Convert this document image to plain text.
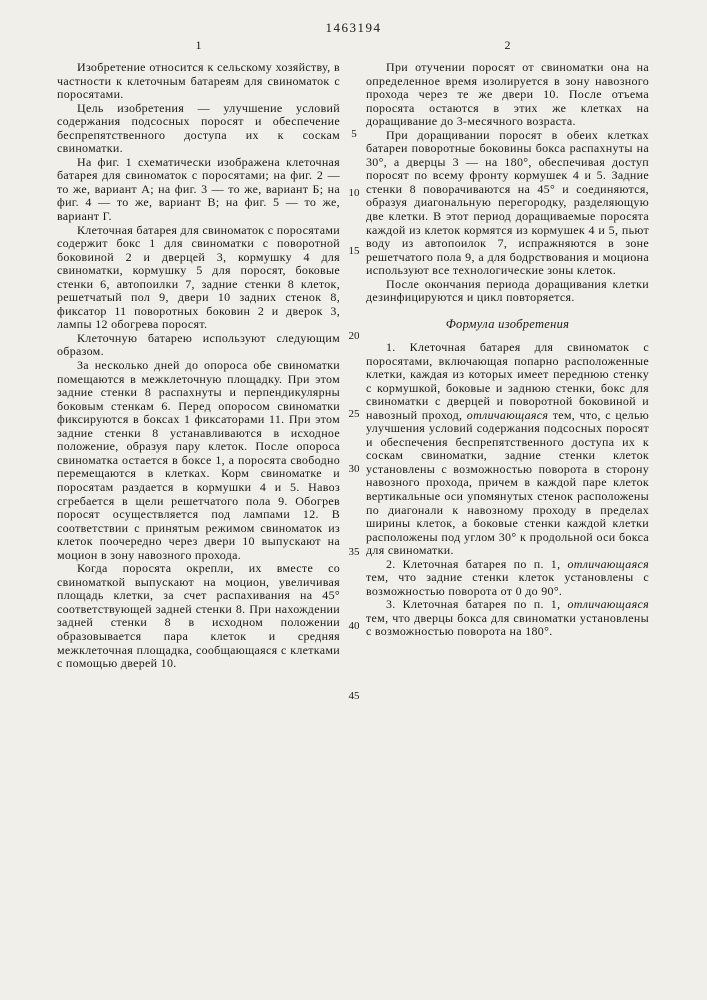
1463194
1

Изобретение относится к сельскому хозяйству, в частности к клеточным батареям для свиноматок с поросятами.

Цель изобретения — улучшение условий содержания подсосных поросят и обеспечение беспрепятственного доступа их к соскам свиноматки.

На фиг. 1 схематически изображена клеточная батарея для свиноматок с поросятами; на фиг. 2 — то же, вариант А; на фиг. 3 — то же, вариант Б; на фиг. 4 — то же, вариант В; на фиг. 5 — то же, вариант Г.

Клеточная батарея для свиноматок с поросятами содержит бокс 1 для свиноматки с поворотной боковиной 2 и дверцей 3, кормушку 4 для свиноматки, кормушку 5 для поросят, боковые стенки 6, автопоилки 7, задние стенки 8 клеток, решетчатый пол 9, двери 10 задних стенок 8, фиксатор 11 поворотных боковин 2 и дверок 3, лампы 12 обогрева поросят.

Клеточную батарею используют следующим образом.

За несколько дней до опороса обе свиноматки помещаются в межклеточную площадку. При этом задние стенки 8 распахнуты и перпендикулярны боковым стенкам 6. Перед опоросом свиноматки фиксируются в боксах 1 фиксаторами 11. При этом задние стенки 8 устанавливаются в исходное положение, образуя пару клеток. После опороса свиноматка остается в боксе 1, а поросята свободно перемещаются в клетках. Корм свиноматке и поросятам раздается в кормушки 4 и 5. Навоз сгребается в щели решетчатого пола 9. Обогрев поросят осуществляется под лампами 12. В соответствии с принятым режимом свиноматок из клеток поочередно через двери 10 выпускают на моцион в зону навозного прохода.

Когда поросята окрепли, их вместе со свиноматкой выпускают на моцион, увеличивая площадь клетки, за счет распахивания на 45° соответствующей задней стенки 8. При нахождении задней стенки 8 в исходном положении образовывается пара клеток и средняя межклеточная площадка, сообщающаяся с клетками с помощью дверей 10.

2

При отучении поросят от свиноматки она на определенное время изолируется в зону навозного прохода через те же двери 10. После отъема поросята остаются в этих же клетках на доращивание до 3-месячного возраста.

При доращивании поросят в обеих клетках батареи поворотные боковины бокса распахнуты на 30°, а дверцы 3 — на 180°, обеспечивая доступ поросят по всему фронту кормушек 4 и 5. Задние стенки 8 поворачиваются на 45° и соединяются, образуя диагональную перегородку, разделяющую две клетки. В этот период доращиваемые поросята каждой из клеток кормятся из кормушек 4 и 5, пьют воду из автопоилок 7, испражняются в зоне решетчатого пола 9, а для бодрствования и моциона используют все технологические зоны клеток.

После окончания периода доращивания клетки дезинфицируются и цикл повторяется.

Формула изобретения

1. Клеточная батарея для свиноматок с поросятами, включающая попарно расположенные клетки, каждая из которых имеет переднюю стенку с кормушкой, боковые и заднюю стенки, бокс для свиноматки с дверцей и поворотной боковиной и навозный проход, отличающаяся тем, что, с целью улучшения условий содержания подсосных поросят и обеспечения беспрепятственного доступа их к соскам свиноматки, задние стенки клеток установлены с возможностью поворота в сторону навозного прохода, причем в каждой паре клеток вертикальные оси упомянутых стенок расположены по диагонали к навозному проходу в пределах ширины клеток, а боковые стенки каждой клетки расположены под углом 30° к продольной оси бокса для свиноматки.

2. Клеточная батарея по п. 1, отличающаяся тем, что задние стенки клеток установлены с возможностью поворота от 0 до 90°.

3. Клеточная батарея по п. 1, отличающаяся тем, что дверцы бокса для свиноматки установлены с возможностью поворота на 180°.

5
10
15
20
25
30
35
40
45
